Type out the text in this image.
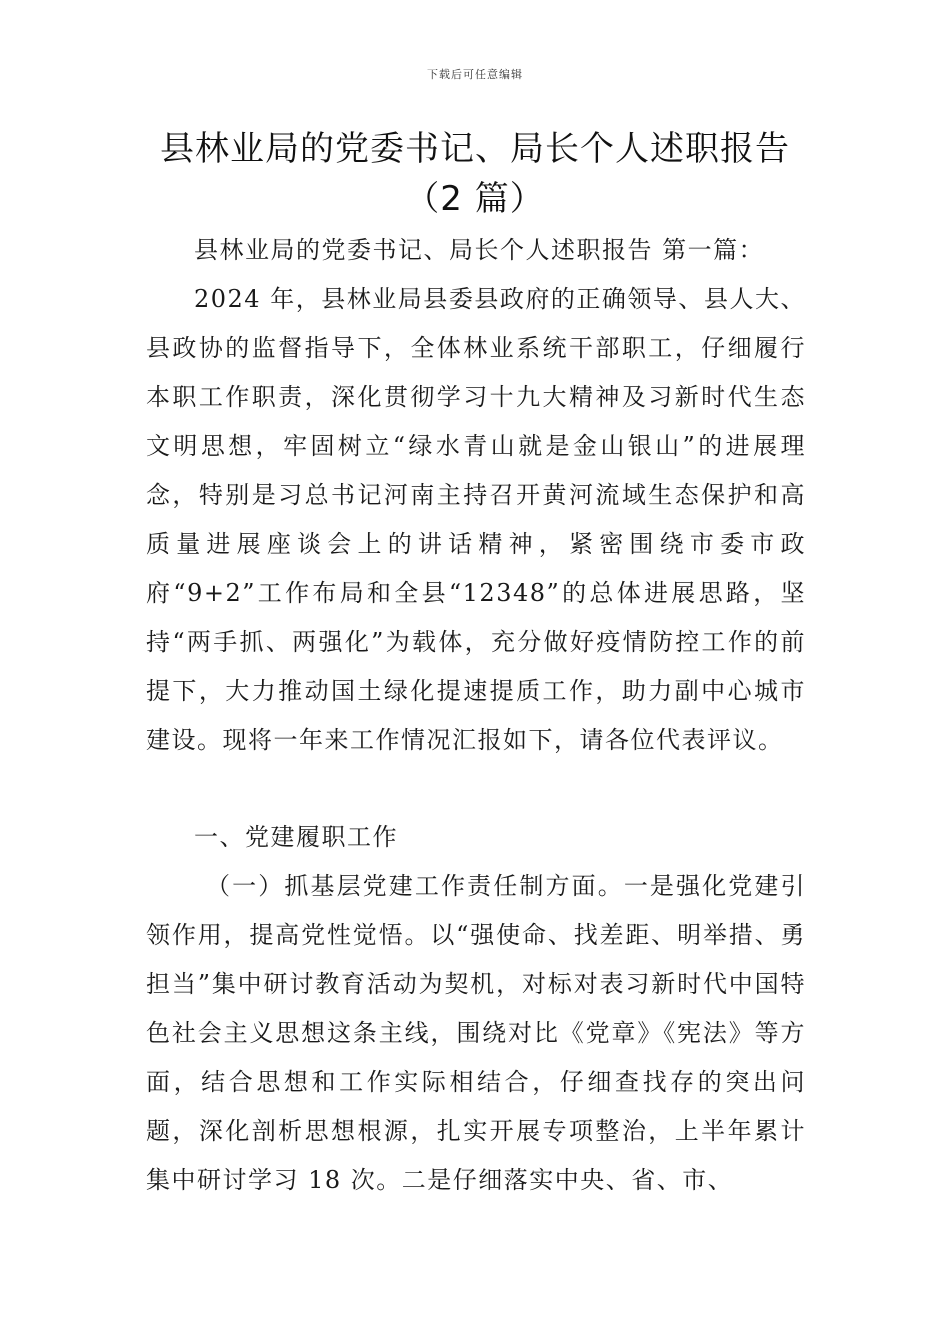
下载后可任意编辑
县林业局的党委书记、局长个人述职报告
（2 篇）

县林业局的党委书记、局长个人述职报告 第一篇：

2024 年，县林业局县委县政府的正确领导、县人大、县政协的监督指导下，全体林业系统干部职工，仔细履行本职工作职责，深化贯彻学习十九大精神及习新时代生态文明思想，牢固树立“绿水青山就是金山银山”的进展理念，特别是习总书记河南主持召开黄河流域生态保护和高质量进展座谈会上的讲话精神，紧密围绕市委市政府“9+2”工作布局和全县“12348”的总体进展思路，坚持“两手抓、两强化”为载体，充分做好疫情防控工作的前提下，大力推动国土绿化提速提质工作，助力副中心城市建设。现将一年来工作情况汇报如下，请各位代表评议。

一、党建履职工作

（一）抓基层党建工作责任制方面。一是强化党建引领作用，提高党性觉悟。以“强使命、找差距、明举措、勇担当”集中研讨教育活动为契机，对标对表习新时代中国特色社会主义思想这条主线，围绕对比《党章》《宪法》等方面，结合思想和工作实际相结合，仔细查找存的突出问题，深化剖析思想根源，扎实开展专项整治，上半年累计集中研讨学习 18 次。二是仔细落实中央、省、市、
